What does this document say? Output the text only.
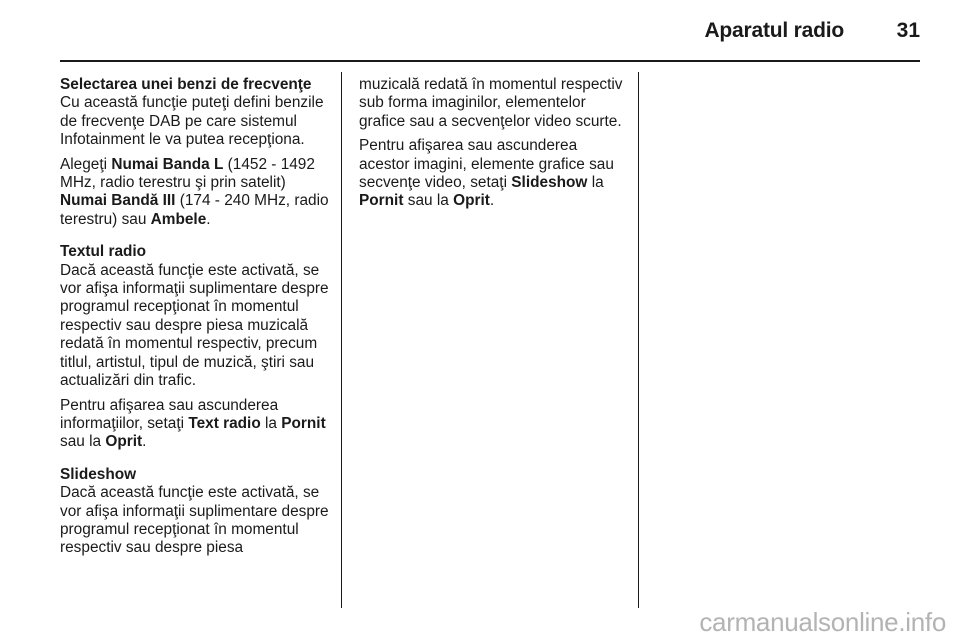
Aparatul radio	31
Selectarea unei benzi de frecvenţe

Cu această funcţie puteţi defini benzile de frecvenţe DAB pe care sistemul Infotainment le va putea recepţiona.

Alegeţi Numai Banda L (1452 - 1492 MHz, radio terestru şi prin satelit) Numai Bandă III (174 - 240 MHz, radio terestru) sau Ambele.

Textul radio

Dacă această funcţie este activată, se vor afişa informaţii suplimentare despre programul recepţionat în momentul respectiv sau despre piesa muzicală redată în momentul respectiv, precum titlul, artistul, tipul de muzică, ştiri sau actualizări din trafic.

Pentru afişarea sau ascunderea informaţiilor, setaţi Text radio la Pornit sau la Oprit.

Slideshow

Dacă această funcţie este activată, se vor afişa informaţii suplimentare despre programul recepţionat în momentul respectiv sau despre piesa

muzicală redată în momentul respectiv sub forma imaginilor, elementelor grafice sau a secvenţelor video scurte.

Pentru afişarea sau ascunderea acestor imagini, elemente grafice sau secvenţe video, setaţi Slideshow la Pornit sau la Oprit.

carmanualsonline.info
